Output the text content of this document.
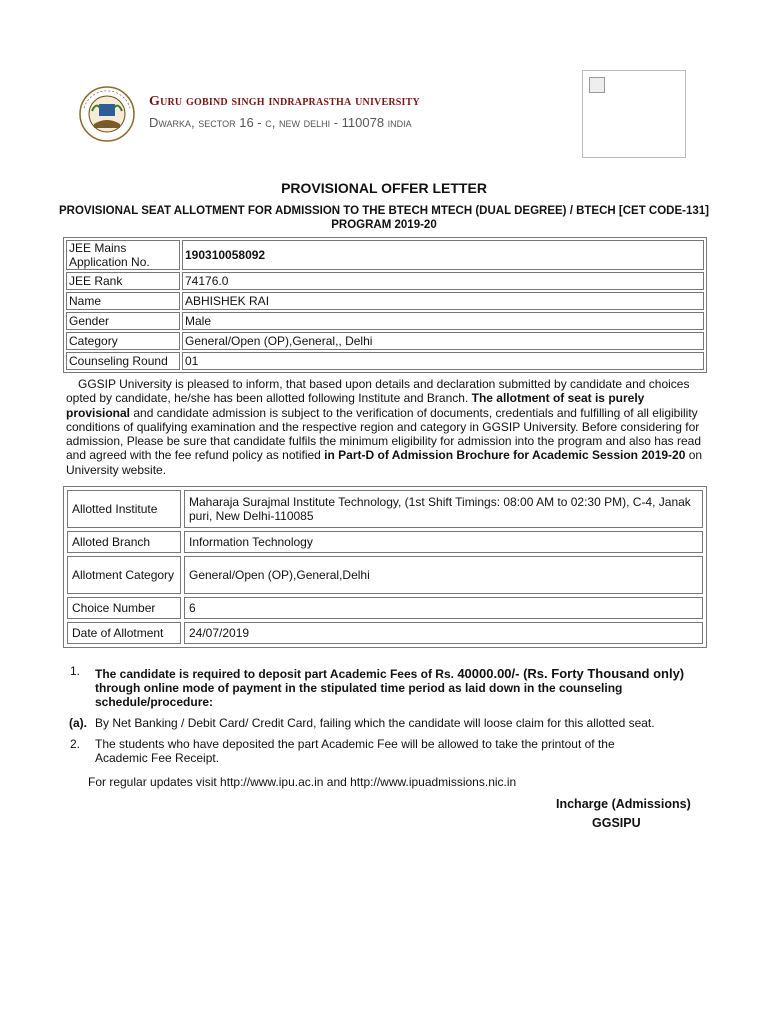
Guru gobind singh indraprastha university
Dwarka, sector 16 - c, new delhi - 110078 india
PROVISIONAL OFFER LETTER
PROVISIONAL SEAT ALLOTMENT FOR ADMISSION TO THE BTECH MTECH (DUAL DEGREE) / BTECH [CET CODE-131] PROGRAM 2019-20
JEE Mains Application No.	190310058092
JEE Rank	74176.0
Name	ABHISHEK RAI
Gender	Male
Category	General/Open (OP),General,, Delhi
Counseling Round	01
GGSIP University is pleased to inform, that based upon details and declaration submitted by candidate and choices opted by candidate, he/she has been allotted following Institute and Branch. The allotment of seat is purely provisional and candidate admission is subject to the verification of documents, credentials and fulfilling of all eligibility conditions of qualifying examination and the respective region and category in GGSIP University. Before considering for admission, Please be sure that candidate fulfils the minimum eligibility for admission into the program and also has read and agreed with the fee refund policy as notified in Part-D of Admission Brochure for Academic Session 2019-20 on University website.
Allotted Institute	Maharaja Surajmal Institute Technology, (1st Shift Timings: 08:00 AM to 02:30 PM), C-4, Janak puri, New Delhi-110085
Alloted Branch	Information Technology
Allotment Category	General/Open (OP),General,Delhi
Choice Number	6
Date of Allotment	24/07/2019
1. The candidate is required to deposit part Academic Fees of Rs. 40000.00/- (Rs. Forty Thousand only) through online mode of payment in the stipulated time period as laid down in the counseling schedule/procedure:
(a). By Net Banking / Debit Card/ Credit Card, failing which the candidate will loose claim for this allotted seat.
2. The students who have deposited the part Academic Fee will be allowed to take the printout of the Academic Fee Receipt.
For regular updates visit http://www.ipu.ac.in and http://www.ipuadmissions.nic.in
Incharge (Admissions)
GGSIPU
